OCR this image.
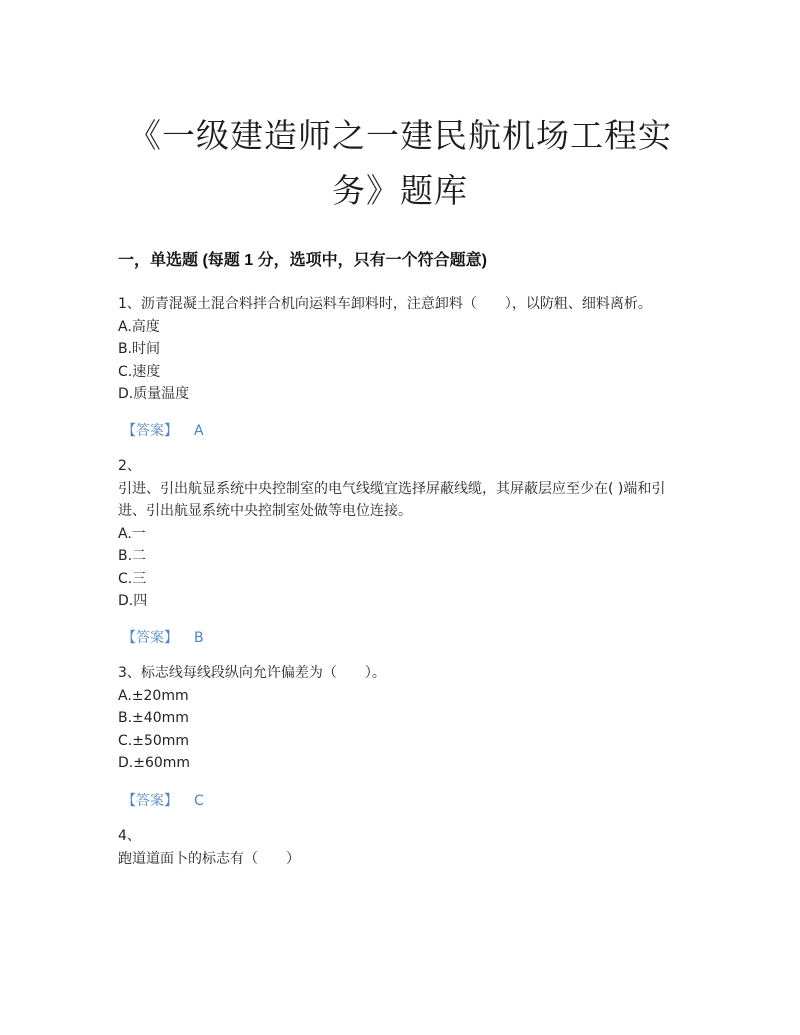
《一级建造师之一建民航机场工程实
务》题库
一，单选题 (每题 1 分，选项中，只有一个符合题意)
1、沥青混凝土混合料拌合机向运料车卸料时，注意卸料（　　），以防粗、细料离析。
A.高度
B.时间
C.速度
D.质量温度
【答案】 A
2、
引进、引出航显系统中央控制室的电气线缆宜选择屏蔽线缆，其屏蔽层应至少在( )端和引
进、引出航显系统中央控制室处做等电位连接。
A.一
B.二
C.三
D.四
【答案】 B
3、标志线每线段纵向允许偏差为（　　）。
A.±20mm
B.±40mm
C.±50mm
D.±60mm
【答案】 C
4、
跑道道面卜的标志有（　　）
